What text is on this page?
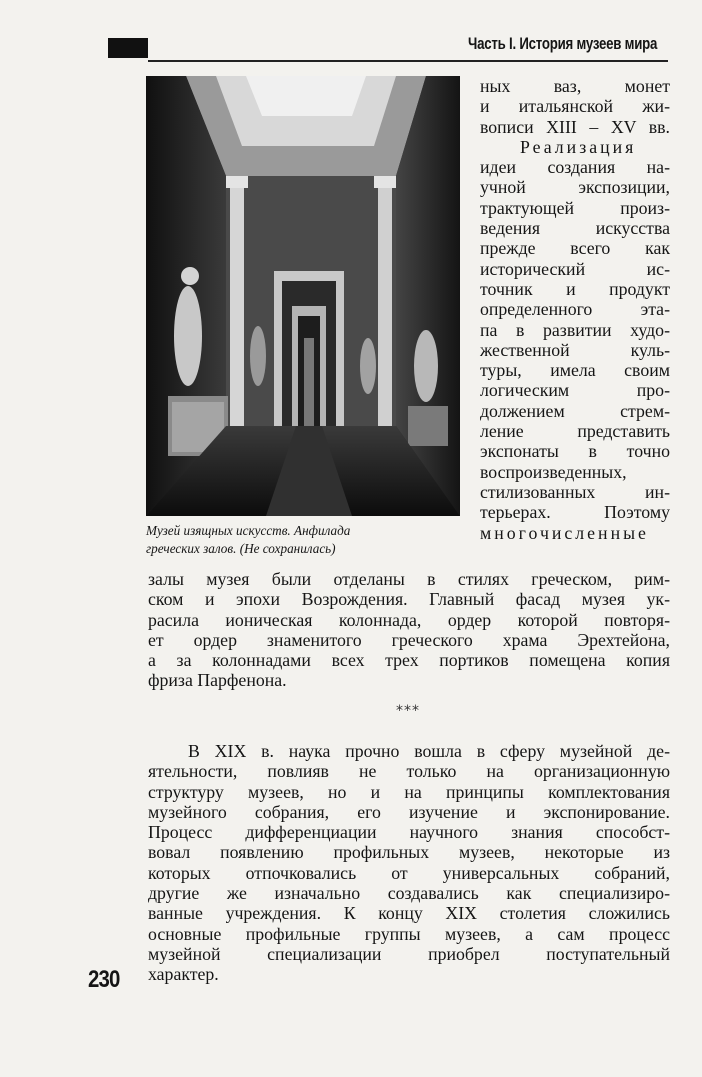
Часть I. История музеев мира
Музей изящных искусств. Анфилада
греческих залов. (Не сохранилась)
ных ваз, монет
и итальянской жи-
вописи XIII – XV вв.
Реализация
идеи создания на-
учной экспозиции,
трактующей произ-
ведения искусства
прежде всего как
исторический ис-
точник и продукт
определенного эта-
па в развитии худо-
жественной куль-
туры, имела своим
логическим про-
должением стрем-
ление представить
экспонаты в точно
воспроизведенных,
стилизованных ин-
терьерах. Поэтому
многочисленные
залы музея были отделаны в стилях греческом, рим-
ском и эпохи Возрождения. Главный фасад музея ук-
расила ионическая колоннада, ордер которой повторя-
ет ордер знаменитого греческого храма Эрехтейона,
а за колоннадами всех трех портиков помещена копия
фриза Парфенона.
***
В XIX в. наука прочно вошла в сферу музейной де-
ятельности, повлияв не только на организационную
структуру музеев, но и на принципы комплектования
музейного собрания, его изучение и экспонирование.
Процесс дифференциации научного знания способст-
вовал появлению профильных музеев, некоторые из
которых отпочковались от универсальных собраний,
другие же изначально создавались как специализиро-
ванные учреждения. К концу XIX столетия сложились
основные профильные группы музеев, а сам процесс
музейной специализации приобрел поступательный
характер.
230
